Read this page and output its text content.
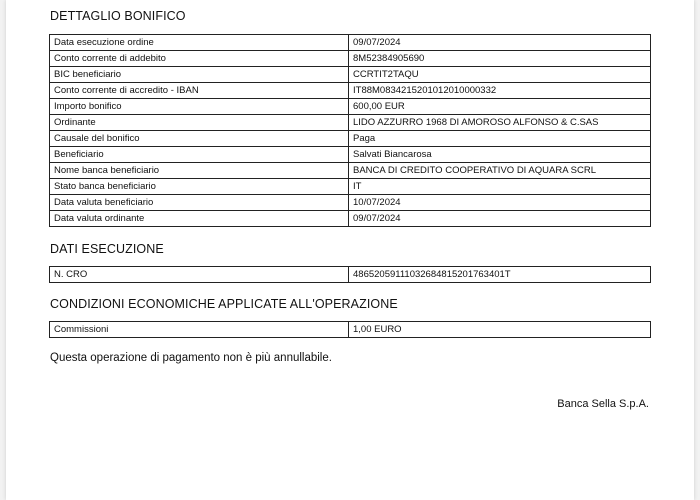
DETTAGLIO BONIFICO
Data esecuzione ordine	09/07/2024
Conto corrente di addebito	8M52384905690
BIC beneficiario	CCRTIT2TAQU
Conto corrente di accredito - IBAN	IT88M0834215201012010000332
Importo bonifico	600,00 EUR
Ordinante	LIDO AZZURRO 1968 DI AMOROSO ALFONSO & C.SAS
Causale del bonifico	Paga
Beneficiario	Salvati Biancarosa
Nome banca beneficiario	BANCA DI CREDITO COOPERATIVO DI AQUARA SCRL
Stato banca beneficiario	IT
Data valuta beneficiario	10/07/2024
Data valuta ordinante	09/07/2024
DATI ESECUZIONE
N. CRO	48652059111032684815201763401T
CONDIZIONI ECONOMICHE APPLICATE ALL'OPERAZIONE
Commissioni	1,00 EURO
Questa operazione di pagamento non è più annullabile.
Banca Sella S.p.A.
